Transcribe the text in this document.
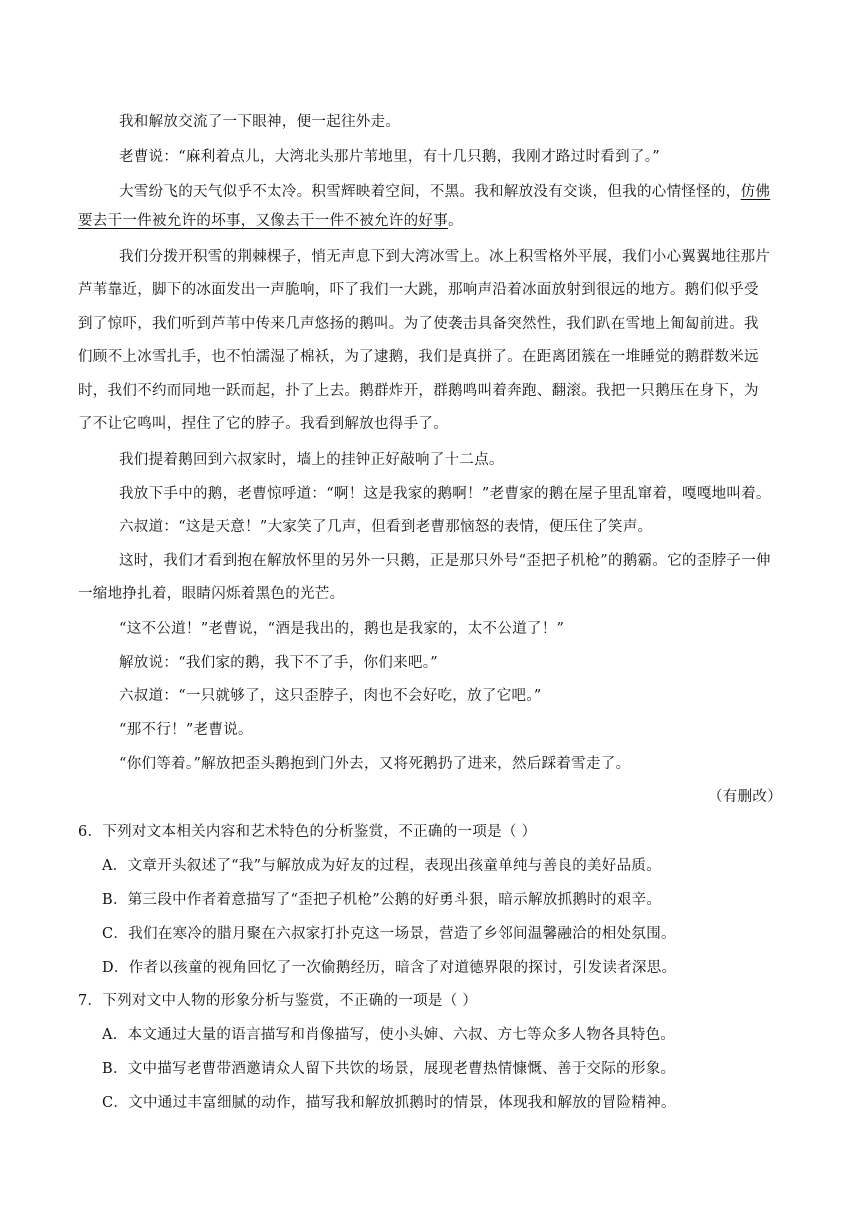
我和解放交流了一下眼神，便一起往外走。
老曹说：“麻利着点儿，大湾北头那片苇地里，有十几只鹅，我刚才路过时看到了。”
大雪纷飞的天气似乎不太冷。积雪辉映着空间，不黑。我和解放没有交谈，但我的心情怪怪的，仿佛
要去干一件被允许的坏事，又像去干一件不被允许的好事。
我们分拨开积雪的荆棘棵子，悄无声息下到大湾冰雪上。冰上积雪格外平展，我们小心翼翼地往那片
芦苇靠近，脚下的冰面发出一声脆响，吓了我们一大跳，那响声沿着冰面放射到很远的地方。鹅们似乎受
到了惊吓，我们听到芦苇中传来几声悠扬的鹅叫。为了使袭击具备突然性，我们趴在雪地上匍匐前进。我
们顾不上冰雪扎手，也不怕濡湿了棉袄，为了逮鹅，我们是真拼了。在距离团簇在一堆睡觉的鹅群数米远
时，我们不约而同地一跃而起，扑了上去。鹅群炸开，群鹅鸣叫着奔跑、翻滚。我把一只鹅压在身下，为
了不让它鸣叫，捏住了它的脖子。我看到解放也得手了。
我们提着鹅回到六叔家时，墙上的挂钟正好敲响了十二点。
我放下手中的鹅，老曹惊呼道：“啊！这是我家的鹅啊！”老曹家的鹅在屋子里乱窜着，嘎嘎地叫着。
六叔道：“这是天意！”大家笑了几声，但看到老曹那恼怒的表情，便压住了笑声。
这时，我们才看到抱在解放怀里的另外一只鹅，正是那只外号“歪把子机枪”的鹅霸。它的歪脖子一伸
一缩地挣扎着，眼睛闪烁着黑色的光芒。
“这不公道！”老曹说，“酒是我出的，鹅也是我家的，太不公道了！”
解放说：“我们家的鹅，我下不了手，你们来吧。”
六叔道：“一只就够了，这只歪脖子，肉也不会好吃，放了它吧。”
“那不行！”老曹说。
“你们等着。”解放把歪头鹅抱到门外去，又将死鹅扔了进来，然后踩着雪走了。
（有删改）
6．下列对文本相关内容和艺术特色的分析鉴赏，不正确的一项是（ ）
A．文章开头叙述了“我”与解放成为好友的过程，表现出孩童单纯与善良的美好品质。
B．第三段中作者着意描写了“歪把子机枪”公鹅的好勇斗狠，暗示解放抓鹅时的艰辛。
C．我们在寒冷的腊月聚在六叔家打扑克这一场景，营造了乡邻间温馨融洽的相处氛围。
D．作者以孩童的视角回忆了一次偷鹅经历，暗含了对道德界限的探讨，引发读者深思。
7．下列对文中人物的形象分析与鉴赏，不正确的一项是（ ）
A．本文通过大量的语言描写和肖像描写，使小头婶、六叔、方七等众多人物各具特色。
B．文中描写老曹带酒邀请众人留下共饮的场景，展现老曹热情慷慨、善于交际的形象。
C．文中通过丰富细腻的动作，描写我和解放抓鹅时的情景，体现我和解放的冒险精神。
